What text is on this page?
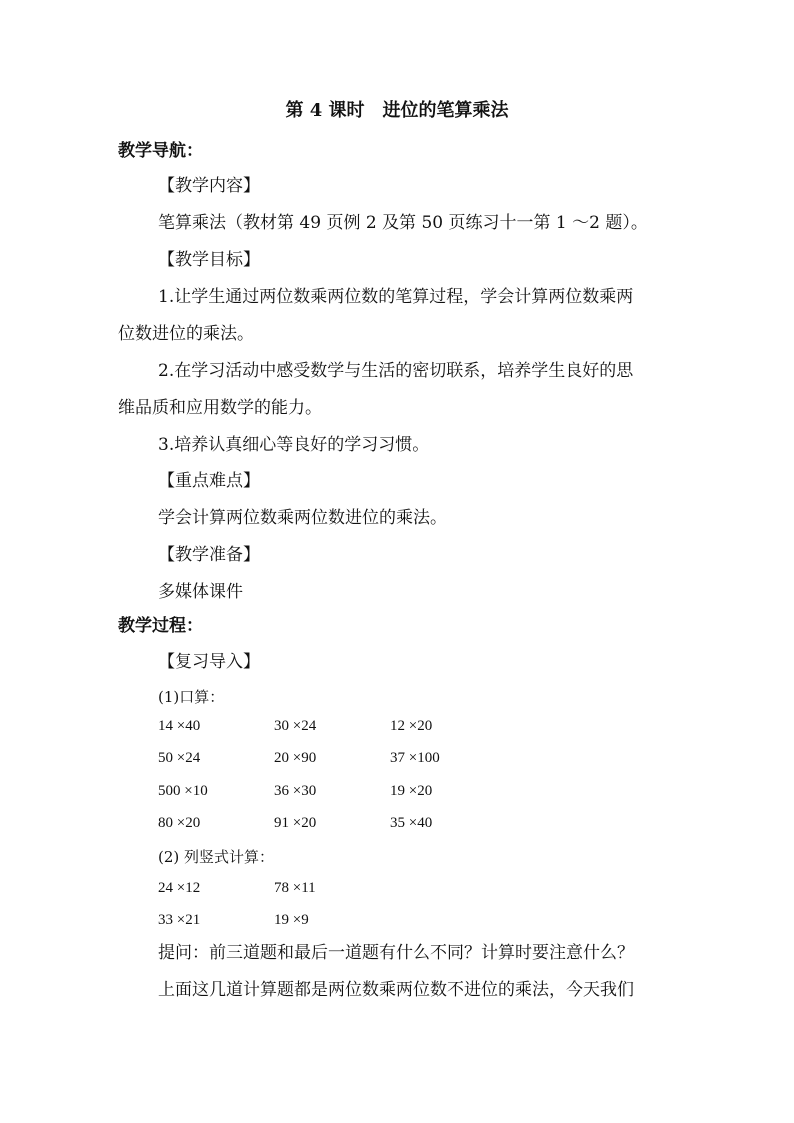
第 4 课时　进位的笔算乘法
教学导航：
【教学内容】
笔算乘法（教材第 49 页例 2 及第 50 页练习十一第 1 ～2 题）。
【教学目标】
1.让学生通过两位数乘两位数的笔算过程，学会计算两位数乘两
位数进位的乘法。
2.在学习活动中感受数学与生活的密切联系，培养学生良好的思
维品质和应用数学的能力。
3.培养认真细心等良好的学习习惯。
【重点难点】
学会计算两位数乘两位数进位的乘法。
【教学准备】
多媒体课件
教学过程：
【复习导入】
(1)口算：
14 ×40	30 ×24	12 ×20
50 ×24	20 ×90	37 ×100
500 ×10	36 ×30	19 ×20
80 ×20	91 ×20	35 ×40
(2) 列竖式计算：
24 ×12	78 ×11
33 ×21	19 ×9
提问：前三道题和最后一道题有什么不同？计算时要注意什么？
上面这几道计算题都是两位数乘两位数不进位的乘法，今天我们
